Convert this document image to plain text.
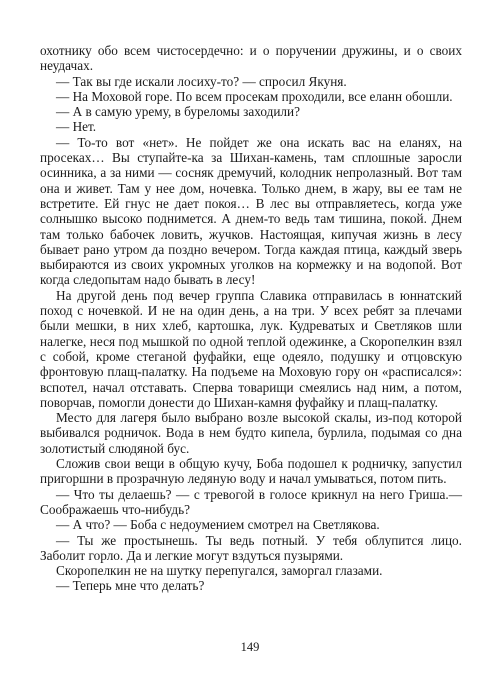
охотнику обо всем чистосердечно: и о поручении дружины, и о своих неудачах.

— Так вы где искали лосиху-то? — спросил Якуня.

— На Моховой горе. По всем просекам проходили, все еланн обошли.

— А в самую урему, в буреломы заходили?

— Нет.

— То-то вот «нет». Не пойдет же она искать вас на еланях, на просеках… Вы ступайте-ка за Шихан-камень, там сплошные заросли осинника, а за ними — сосняк дремучий, колодник непролазный. Вот там она и живет. Там у нее дом, ночевка. Только днем, в жару, вы ее там не встретите. Ей гнус не дает покоя… В лес вы отправляетесь, когда уже солнышко высоко поднимется. А днем-то ведь там тишина, покой. Днем там только бабочек ловить, жучков. Настоящая, кипучая жизнь в лесу бывает рано утром да поздно вечером. Тогда каждая птица, каждый зверь выбираются из своих укромных уголков на кормежку и на водопой. Вот когда следопытам надо бывать в лесу!

На другой день под вечер группа Славика отправилась в юннатский поход с ночевкой. И не на один день, а на три. У всех ребят за плечами были мешки, в них хлеб, картошка, лук. Кудреватых и Светляков шли налегке, неся под мышкой по одной теплой одежинке, а Скоропелкин взял с собой, кроме стеганой фуфайки, еще одеяло, подушку и отцовскую фронтовую плащ-палатку. На подъеме на Моховую гору он «расписался»: вспотел, начал отставать. Сперва товарищи смеялись над ним, а потом, поворчав, помогли донести до Шихан-камня фуфайку и плащ-палатку.

Место для лагеря было выбрано возле высокой скалы, из-под которой выбивался родничок. Вода в нем будто кипела, бурлила, подымая со дна золотистый слюдяной бус.

Сложив свои вещи в общую кучу, Боба подошел к родничку, запустил пригоршни в прозрачную ледяную воду и начал умываться, потом пить.

— Что ты делаешь? — с тревогой в голосе крикнул на него Гриша.— Соображаешь что-нибудь?

— А что? — Боба с недоумением смотрел на Светлякова.

— Ты же простынешь. Ты ведь потный. У тебя облупится лицо. Заболит горло. Да и легкие могут вздуться пузырями.

Скоропелкин не на шутку перепугался, заморгал глазами.

— Теперь мне что делать?

149
